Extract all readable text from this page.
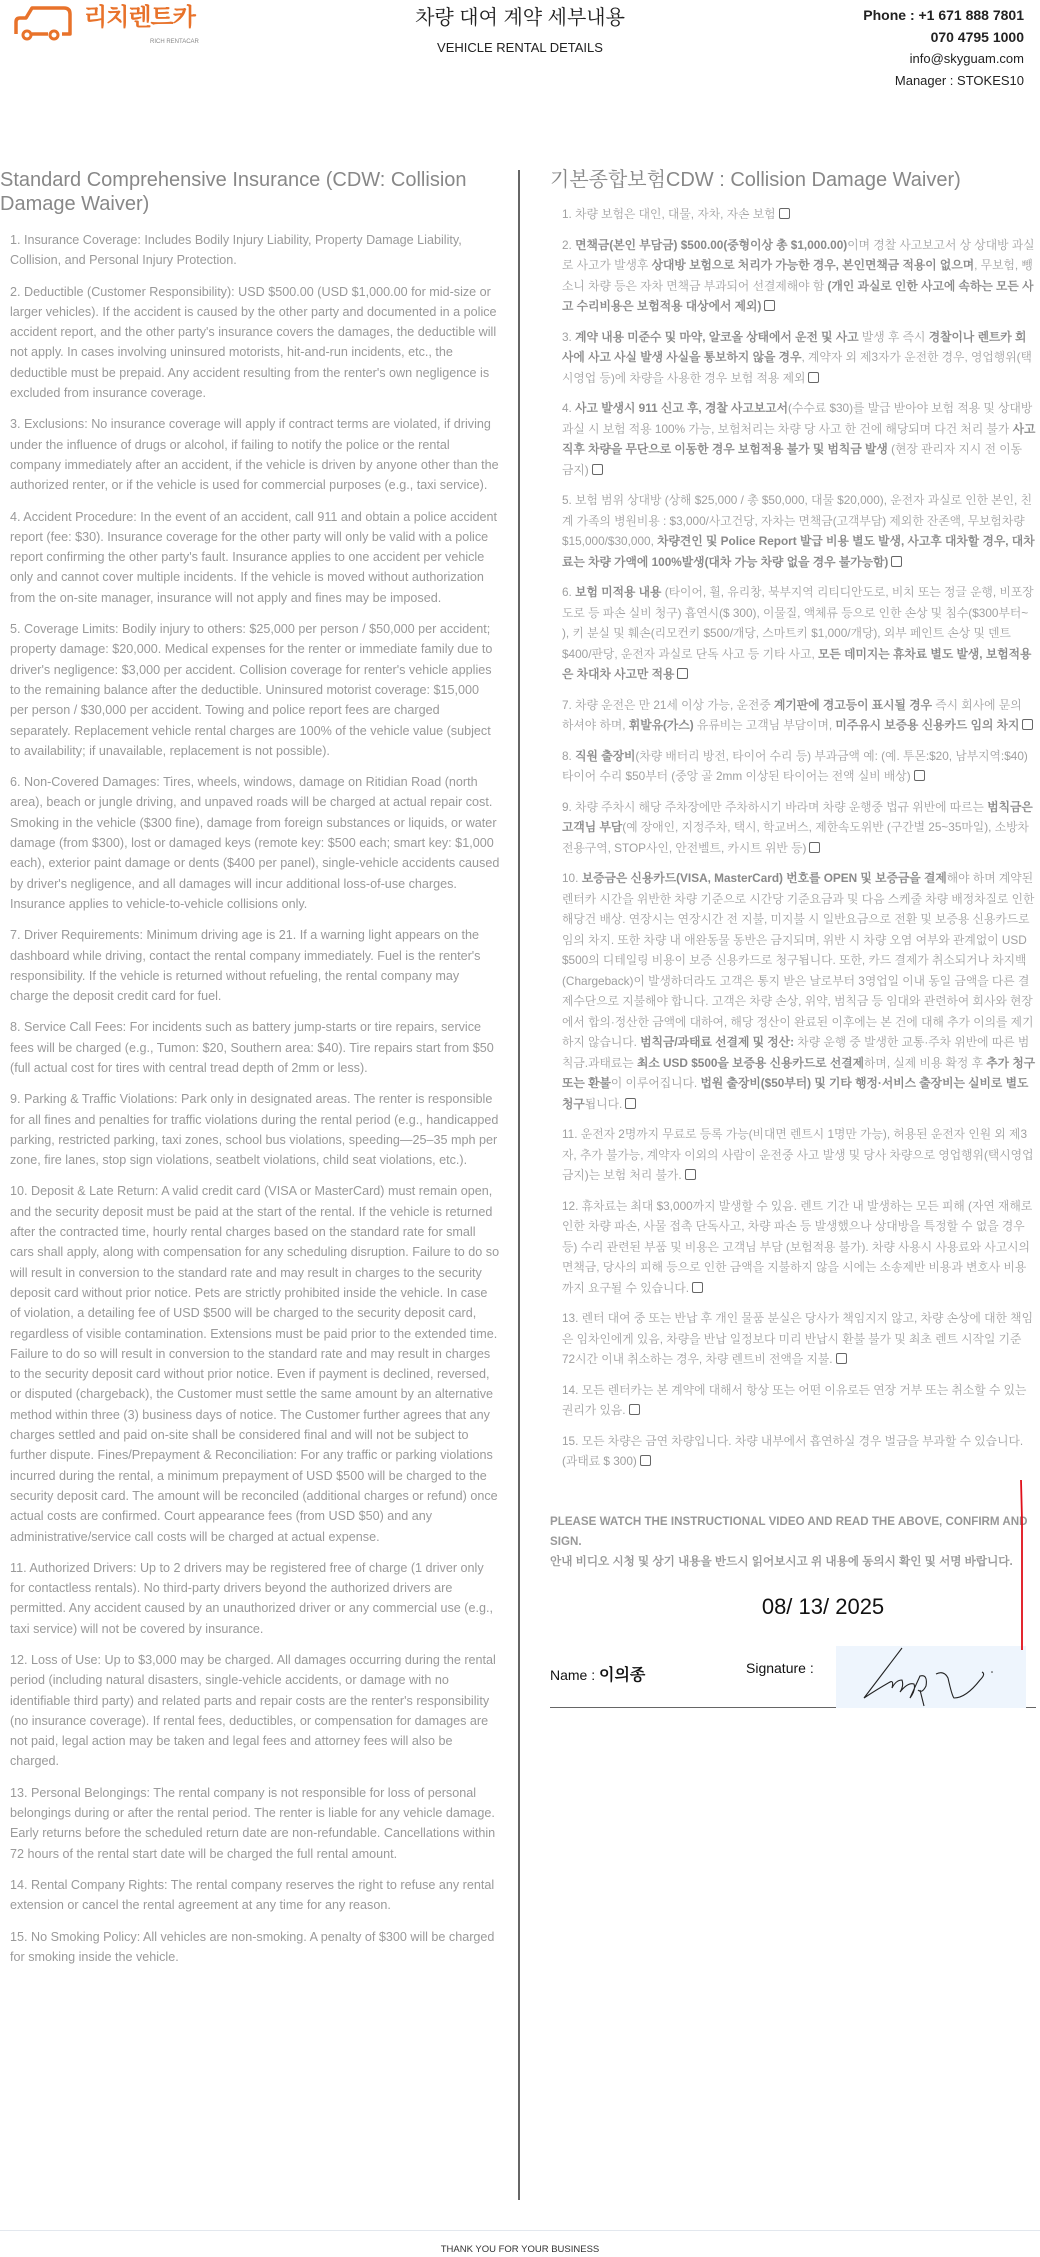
리치렌트카
RICH RENTACAR
차량 대여 계약 세부내용
VEHICLE RENTAL DETAILS
Phone : +1 671 888 7801
070 4795 1000
info@skyguam.com
Manager : STOKES10
Standard Comprehensive Insurance (CDW: Collision Damage Waiver)

1. Insurance Coverage: Includes Bodily Injury Liability, Property Damage Liability, Collision, and Personal Injury Protection.

2. Deductible (Customer Responsibility): USD $500.00 (USD $1,000.00 for mid-size or larger vehicles). If the accident is caused by the other party and documented in a police accident report, and the other party's insurance covers the damages, the deductible will not apply. In cases involving uninsured motorists, hit-and-run incidents, etc., the deductible must be prepaid. Any accident resulting from the renter's own negligence is excluded from insurance coverage.

3. Exclusions: No insurance coverage will apply if contract terms are violated, if driving under the influence of drugs or alcohol, if failing to notify the police or the rental company immediately after an accident, if the vehicle is driven by anyone other than the authorized renter, or if the vehicle is used for commercial purposes (e.g., taxi service).

4. Accident Procedure: In the event of an accident, call 911 and obtain a police accident report (fee: $30). Insurance coverage for the other party will only be valid with a police report confirming the other party's fault. Insurance applies to one accident per vehicle only and cannot cover multiple incidents. If the vehicle is moved without authorization from the on-site manager, insurance will not apply and fines may be imposed.

5. Coverage Limits: Bodily injury to others: $25,000 per person / $50,000 per accident; property damage: $20,000. Medical expenses for the renter or immediate family due to driver's negligence: $3,000 per accident. Collision coverage for renter's vehicle applies to the remaining balance after the deductible. Uninsured motorist coverage: $15,000 per person / $30,000 per accident. Towing and police report fees are charged separately. Replacement vehicle rental charges are 100% of the vehicle value (subject to availability; if unavailable, replacement is not possible).

6. Non-Covered Damages: Tires, wheels, windows, damage on Ritidian Road (north area), beach or jungle driving, and unpaved roads will be charged at actual repair cost. Smoking in the vehicle ($300 fine), damage from foreign substances or liquids, or water damage (from $300), lost or damaged keys (remote key: $500 each; smart key: $1,000 each), exterior paint damage or dents ($400 per panel), single-vehicle accidents caused by driver's negligence, and all damages will incur additional loss-of-use charges. Insurance applies to vehicle-to-vehicle collisions only.

7. Driver Requirements: Minimum driving age is 21. If a warning light appears on the dashboard while driving, contact the rental company immediately. Fuel is the renter's responsibility. If the vehicle is returned without refueling, the rental company may charge the deposit credit card for fuel.

8. Service Call Fees: For incidents such as battery jump-starts or tire repairs, service fees will be charged (e.g., Tumon: $20, Southern area: $40). Tire repairs start from $50 (full actual cost for tires with central tread depth of 2mm or less).

9. Parking & Traffic Violations: Park only in designated areas. The renter is responsible for all fines and penalties for traffic violations during the rental period (e.g., handicapped parking, restricted parking, taxi zones, school bus violations, speeding—25–35 mph per zone, fire lanes, stop sign violations, seatbelt violations, child seat violations, etc.).

10. Deposit & Late Return: A valid credit card (VISA or MasterCard) must remain open, and the security deposit must be paid at the start of the rental. If the vehicle is returned after the contracted time, hourly rental charges based on the standard rate for small cars shall apply, along with compensation for any scheduling disruption. Failure to do so will result in conversion to the standard rate and may result in charges to the security deposit card without prior notice. Pets are strictly prohibited inside the vehicle. In case of violation, a detailing fee of USD $500 will be charged to the security deposit card, regardless of visible contamination. Extensions must be paid prior to the extended time. Failure to do so will result in conversion to the standard rate and may result in charges to the security deposit card without prior notice. Even if payment is declined, reversed, or disputed (chargeback), the Customer must settle the same amount by an alternative method within three (3) business days of notice. The Customer further agrees that any charges settled and paid on-site shall be considered final and will not be subject to further dispute. Fines/Prepayment & Reconciliation: For any traffic or parking violations incurred during the rental, a minimum prepayment of USD $500 will be charged to the security deposit card. The amount will be reconciled (additional charges or refund) once actual costs are confirmed. Court appearance fees (from USD $50) and any administrative/service call costs will be charged at actual expense.

11. Authorized Drivers: Up to 2 drivers may be registered free of charge (1 driver only for contactless rentals). No third-party drivers beyond the authorized drivers are permitted. Any accident caused by an unauthorized driver or any commercial use (e.g., taxi service) will not be covered by insurance.

12. Loss of Use: Up to $3,000 may be charged. All damages occurring during the rental period (including natural disasters, single-vehicle accidents, or damage with no identifiable third party) and related parts and repair costs are the renter's responsibility (no insurance coverage). If rental fees, deductibles, or compensation for damages are not paid, legal action may be taken and legal fees and attorney fees will also be charged.

13. Personal Belongings: The rental company is not responsible for loss of personal belongings during or after the rental period. The renter is liable for any vehicle damage. Early returns before the scheduled return date are non-refundable. Cancellations within 72 hours of the rental start date will be charged the full rental amount.

14. Rental Company Rights: The rental company reserves the right to refuse any rental extension or cancel the rental agreement at any time for any reason.

15. No Smoking Policy: All vehicles are non-smoking. A penalty of $300 will be charged for smoking inside the vehicle.

기본종합보험CDW : Collision Damage Waiver)

1. 차량 보험은 대인, 대물, 자차, 자손 보험

2. 면책금(본인 부담금) $500.00(중형이상 총 $1,000.00)이며 경찰 사고보고서 상 상대방 과실로 사고가 발생후 상대방 보험으로 처리가 가능한 경우, 본인면책금 적용이 없으며, 무보험, 뺑소니 차량 등은 자차 면책금 부과되어 선결제해야 함 (개인 과실로 인한 사고에 속하는 모든 사고 수리비용은 보험적용 대상에서 제외)

3. 계약 내용 미준수 및 마약, 알코올 상태에서 운전 및 사고 발생 후 즉시 경찰이나 렌트카 회사에 사고 사실 발생 사실을 통보하지 않을 경우, 계약자 외 제3자가 운전한 경우, 영업행위(택시영업 등)에 차량을 사용한 경우 보험 적용 제외

4. 사고 발생시 911 신고 후, 경찰 사고보고서(수수료 $30)를 발급 받아야 보험 적용 및 상대방 과실 시 보험 적용 100% 가능, 보험처리는 차량 당 사고 한 건에 해당되며 다건 처리 불가 사고 직후 차량을 무단으로 이동한 경우 보험적용 불가 및 범칙금 발생 (현장 관리자 지시 전 이동 금지)

5. 보험 범위 상대방 (상해 $25,000 / 총 $50,000, 대물 $20,000), 운전자 과실로 인한 본인, 친계 가족의 병원비용 : $3,000/사고건당, 자차는 면책금(고객부담) 제외한 잔존액, 무보험차량 $15,000/$30,000, 차량견인 및 Police Report 발급 비용 별도 발생, 사고후 대차할 경우, 대차료는 차량 가액에 100%발생(대차 가능 차량 없을 경우 불가능함)

6. 보험 미적용 내용 (타이어, 휠, 유리창, 북부지역 리티디안도로, 비치 또는 정글 운행, 비포장도로 등 파손 실비 청구) 흡연시($ 300), 이물질, 액체류 등으로 인한 손상 및 침수($300부터~ ), 키 분실 및 훼손(리모컨키 $500/개당, 스마트키 $1,000/개당), 외부 페인트 손상 및 덴트 $400/판당, 운전자 과실로 단독 사고 등 기타 사고, 모든 데미지는 휴차료 별도 발생, 보험적용은 차대차 사고만 적용

7. 차량 운전은 만 21세 이상 가능, 운전중 계기판에 경고등이 표시될 경우 즉시 회사에 문의 하셔야 하며, 휘발유(가스) 유류비는 고객님 부담이며, 미주유시 보증용 신용카드 임의 차지

8. 직원 출장비(차량 배터리 방전, 타이어 수리 등) 부과금액 예: (예. 투몬:$20, 남부지역:$40) 타이어 수리 $50부터 (중앙 골 2mm 이상된 타이어는 전액 실비 배상)

9. 차량 주차시 해당 주차장에만 주차하시기 바라며 차량 운행중 법규 위반에 따르는 범칙금은 고객님 부담(예 장애인, 지정주차, 택시, 학교버스, 제한속도위반 (구간별 25~35마일), 소방차전용구역, STOP사인, 안전벨트, 카시트 위반 등)

10. 보증금은 신용카드(VISA, MasterCard) 번호를 OPEN 및 보증금을 결제해야 하며 계약된 렌터카 시간을 위반한 차량 기준으로 시간당 기준요금과 및 다음 스케줄 차량 배정차질로 인한 해당건 배상. 연장시는 연장시간 전 지불, 미지불 시 일반요금으로 전환 및 보증용 신용카드로 임의 차지. 또한 차량 내 애완동물 동반은 금지되며, 위반 시 차량 오염 여부와 관계없이 USD $500의 디테일링 비용이 보증 신용카드로 청구됩니다. 또한, 카드 결제가 취소되거나 차지백(Chargeback)이 발생하더라도 고객은 통지 받은 날로부터 3영업일 이내 동일 금액을 다른 결제수단으로 지불해야 합니다. 고객은 차량 손상, 위약, 범칙금 등 임대와 관련하여 회사와 현장에서 합의·정산한 금액에 대하여, 해당 정산이 완료된 이후에는 본 건에 대해 추가 이의를 제기하지 않습니다. 범칙금/과태료 선결제 및 정산: 차량 운행 중 발생한 교통·주차 위반에 따른 범칙금.과태료는 최소 USD $500을 보증용 신용카드로 선결제하며, 실제 비용 확정 후 추가 청구 또는 환불이 이루어집니다. 법원 출장비($50부터) 및 기타 행정·서비스 출장비는 실비로 별도 청구됩니다.

11. 운전자 2명까지 무료로 등록 가능(비대면 렌트시 1명만 가능), 허용된 운전자 인원 외 제3자, 추가 불가능, 계약자 이외의 사람이 운전중 사고 발생 및 당사 차량으로 영업행위(택시영업금지)는 보험 처리 불가.

12. 휴차료는 최대 $3,000까지 발생할 수 있음. 렌트 기간 내 발생하는 모든 피해 (자연 재해로 인한 차량 파손, 사물 접촉 단독사고, 차량 파손 등 발생했으나 상대방을 특정할 수 없을 경우 등) 수리 관련된 부품 및 비용은 고객님 부담 (보험적용 불가). 차량 사용시 사용료와 사고시의 면책금, 당사의 피해 등으로 인한 금액을 지불하지 않을 시에는 소송제반 비용과 변호사 비용까지 요구될 수 있습니다.

13. 렌터 대여 중 또는 반납 후 개인 물품 분실은 당사가 책임지지 않고, 차량 손상에 대한 책임은 임차인에게 있음, 차량을 반납 일정보다 미리 반납시 환불 불가 및 최초 렌트 시작일 기준 72시간 이내 취소하는 경우, 차량 렌트비 전액을 지불.

14. 모든 렌터카는 본 계약에 대해서 항상 또는 어떤 이유로든 연장 거부 또는 취소할 수 있는 권리가 있음.

15. 모든 차량은 금연 차량입니다. 차량 내부에서 흡연하실 경우 벌금을 부과할 수 있습니다. (과태료 $ 300)

PLEASE WATCH THE INSTRUCTIONAL VIDEO AND READ THE ABOVE, CONFIRM AND SIGN.
안내 비디오 시청 및 상기 내용을 반드시 읽어보시고 위 내용에 동의시 확인 및 서명 바랍니다.
08/ 13/ 2025
Name : 이의종	Signature :
THANK YOU FOR YOUR BUSINESS
